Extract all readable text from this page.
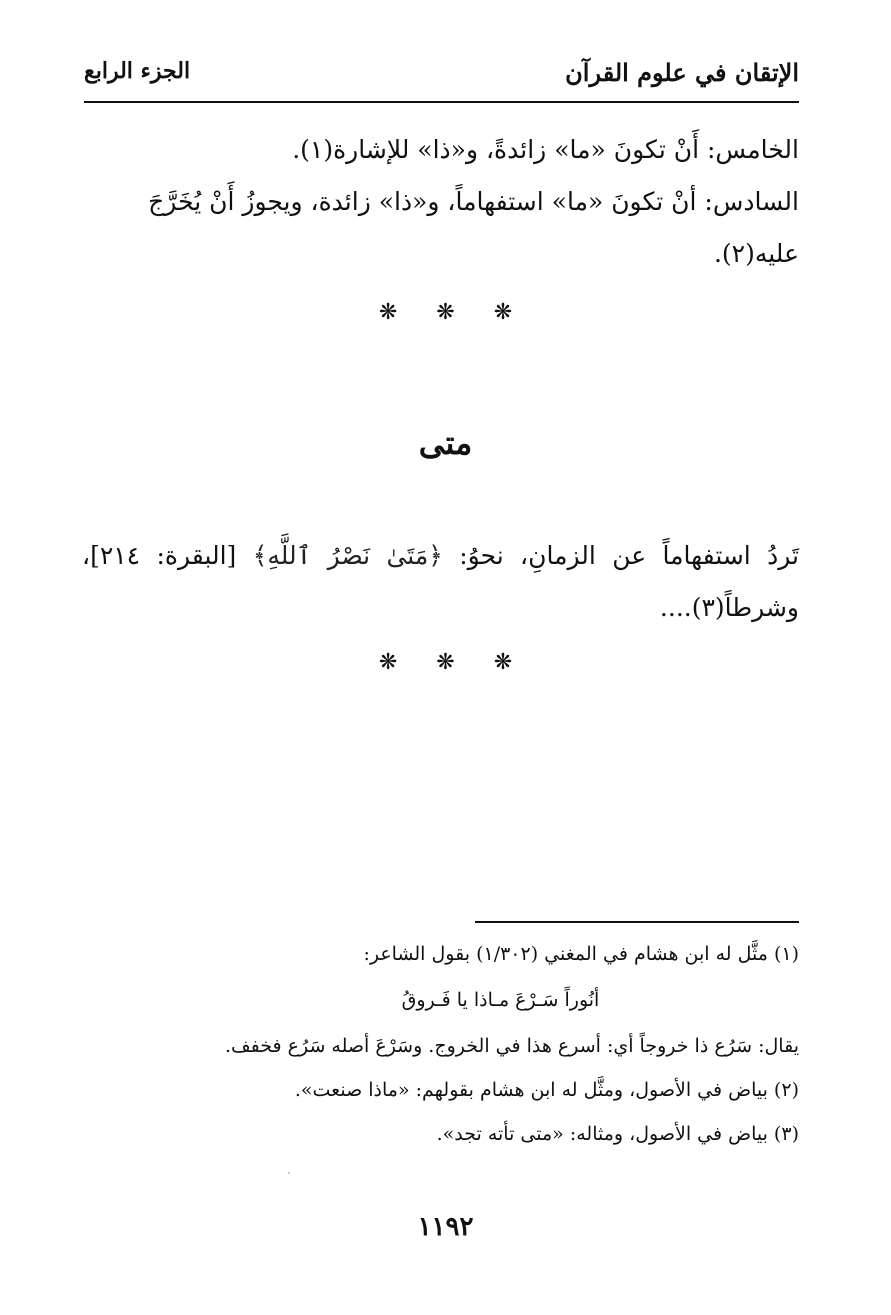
الإتقان في علوم القرآن
الجزء الرابع
الخامس: أَنْ تكونَ «ما» زائدةً، و«ذا» للإشارة(١).
السادس: أنْ تكونَ «ما» استفهاماً، و«ذا» زائدة، ويجوزُ أَنْ يُخَرَّجَ
عليه(٢).
❋ ❋ ❋
متى
تَردُ استفهاماً عن الزمانِ، نحوُ: ﴿مَتَىٰ نَصْرُ ٱللَّهِ﴾ [البقرة: ٢١٤]،
وشرطاً(٣)....
❋ ❋ ❋
(١) مثَّل له ابن هشام في المغني (١/٣٠٢) بقول الشاعر:
أنُوراً سَـرْعَ مـاذا يا فَـروقُ
يقال: سَرُع ذا خروجاً أي: أسرع هذا في الخروج. وسَرْعَ أصله سَرُع فخفف.
(٢) بياض في الأصول، ومثَّل له ابن هشام بقولهم: «ماذا صنعت».
(٣) بياض في الأصول، ومثاله: «متى تأته تجد».
١١٩٢
